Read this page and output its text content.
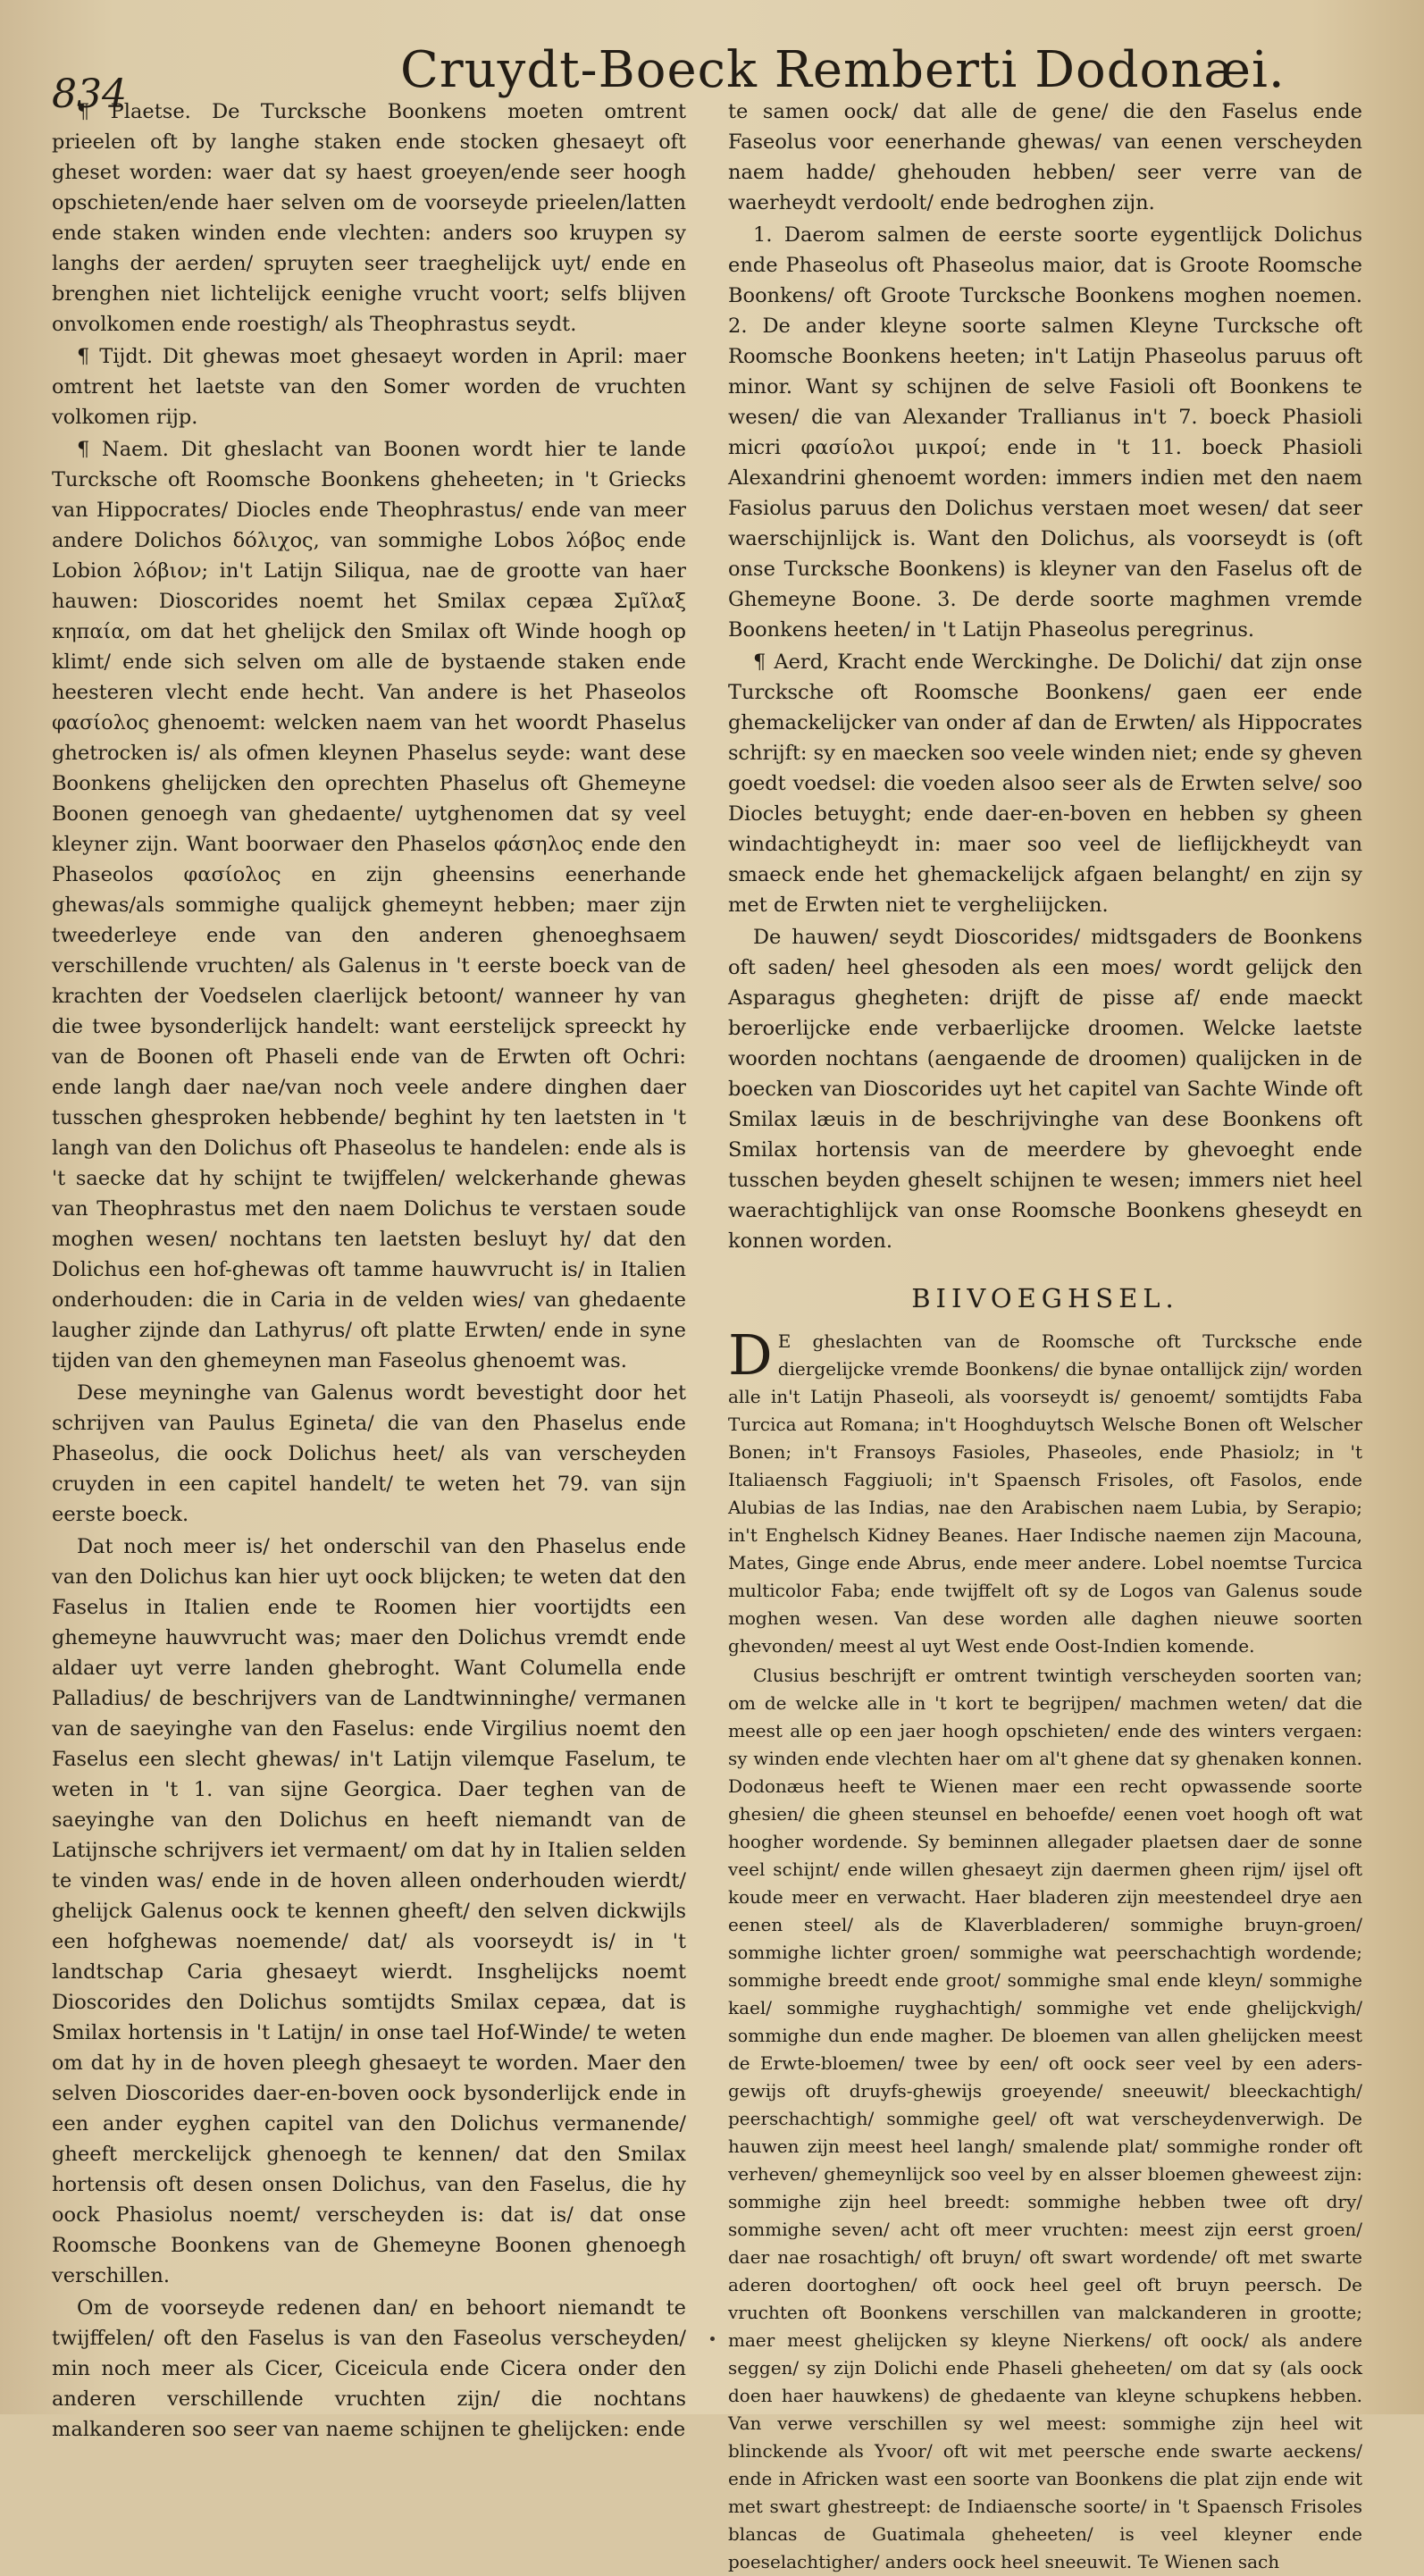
834	Cruydt-Boeck Remberti Dodonæi.

¶ Plaetse. De Turcksche Boonkens moeten omtrent prieelen oft by langhe staken ende stocken ghesaeyt oft gheset worden: waer dat sy haest groeyen/ende seer hoogh opschieten/ende haer selven om de voorseyde prieelen/latten ende staken winden ende vlechten: anders soo kruypen sy langhs der aerden/ spruyten seer traeghelijck uyt/ ende en brenghen niet lichtelijck eenighe vrucht voort; selfs blijven onvolkomen ende roestigh/ als Theophrastus seydt.

¶ Tijdt. Dit ghewas moet ghesaeyt worden in April: maer omtrent het laetste van den Somer worden de vruchten volkomen rijp.

¶ Naem. Dit gheslacht van Boonen wordt hier te lande Turcksche oft Roomsche Boonkens gheheeten; in 't Griecks van Hippocrates/ Diocles ende Theophrastus/ ende van meer andere Dolichos δόλιχος, van sommighe Lobos λόβος ende Lobion λόβιον; in't Latijn Siliqua, nae de grootte van haer hauwen: Dioscorides noemt het Smilax cepæa Σμῖλαξ κηπαία, om dat het ghelijck den Smilax oft Winde hoogh op klimt/ ende sich selven om alle de bystaende staken ende heesteren vlecht ende hecht. Van andere is het Phaseolos φασίολος ghenoemt: welcken naem van het woordt Phaselus ghetrocken is/ als ofmen kleynen Phaselus seyde: want dese Boonkens ghelijcken den oprechten Phaselus oft Ghemeyne Boonen genoegh van ghedaente/ uytghenomen dat sy veel kleyner zijn. Want boorwaer den Phaselos φάσηλος ende den Phaseolos φασίολος en zijn gheensins eenerhande ghewas/als sommighe qualijck ghemeynt hebben; maer zijn tweederleye ende van den anderen ghenoeghsaem verschillende vruchten/ als Galenus in 't eerste boeck van de krachten der Voedselen claerlijck betoont/ wanneer hy van die twee bysonderlijck handelt: want eerstelijck spreeckt hy van de Boonen oft Phaseli ende van de Erwten oft Ochri: ende langh daer nae/van noch veele andere dinghen daer tusschen ghesproken hebbende/ beghint hy ten laetsten in 't langh van den Dolichus oft Phaseolus te handelen: ende als is 't saecke dat hy schijnt te twijffelen/ welckerhande ghewas van Theophrastus met den naem Dolichus te verstaen soude moghen wesen/ nochtans ten laetsten besluyt hy/ dat den Dolichus een hof-ghewas oft tamme hauwvrucht is/ in Italien onderhouden: die in Caria in de velden wies/ van ghedaente laugher zijnde dan Lathyrus/ oft platte Erwten/ ende in syne tijden van den ghemeynen man Faseolus ghenoemt was.

Dese meyninghe van Galenus wordt bevestight door het schrijven van Paulus Egineta/ die van den Phaselus ende Phaseolus, die oock Dolichus heet/ als van verscheyden cruyden in een capitel handelt/ te weten het 79. van sijn eerste boeck.

Dat noch meer is/ het onderschil van den Phaselus ende van den Dolichus kan hier uyt oock blijcken; te weten dat den Faselus in Italien ende te Roomen hier voortijdts een ghemeyne hauwvrucht was; maer den Dolichus vremdt ende aldaer uyt verre landen ghebroght. Want Columella ende Palladius/ de beschrijvers van de Landtwinninghe/ vermanen van de saeyinghe van den Faselus: ende Virgilius noemt den Faselus een slecht ghewas/ in't Latijn vilemque Faselum, te weten in 't 1. van sijne Georgica. Daer teghen van de saeyinghe van den Dolichus en heeft niemandt van de Latijnsche schrijvers iet vermaent/ om dat hy in Italien selden te vinden was/ ende in de hoven alleen onderhouden wierdt/ ghelijck Galenus oock te kennen gheeft/ den selven dickwijls een hofghewas noemende/ dat/ als voorseydt is/ in 't landtschap Caria ghesaeyt wierdt. Insghelijcks noemt Dioscorides den Dolichus somtijdts Smilax cepæa, dat is Smilax hortensis in 't Latijn/ in onse tael Hof-Winde/ te weten om dat hy in de hoven pleegh ghesaeyt te worden. Maer den selven Dioscorides daer-en-boven oock bysonderlijck ende in een ander eyghen capitel van den Dolichus vermanende/ gheeft merckelijck ghenoegh te kennen/ dat den Smilax hortensis oft desen onsen Dolichus, van den Faselus, die hy oock Phasiolus noemt/ verscheyden is: dat is/ dat onse Roomsche Boonkens van de Ghemeyne Boonen ghenoegh verschillen.

Om de voorseyde redenen dan/ en behoort niemandt te twijffelen/ oft den Faselus is van den Faseolus verscheyden/ min noch meer als Cicer, Ciceicula ende Cicera onder den anderen verschillende vruchten zijn/ die nochtans malkanderen soo seer van naeme schijnen te ghelijcken: ende

te samen oock/ dat alle de gene/ die den Faselus ende Faseolus voor eenerhande ghewas/ van eenen verscheyden naem hadde/ ghehouden hebben/ seer verre van de waerheydt verdoolt/ ende bedroghen zijn.

1. Daerom salmen de eerste soorte eygentlijck Dolichus ende Phaseolus oft Phaseolus maior, dat is Groote Roomsche Boonkens/ oft Groote Turcksche Boonkens moghen noemen. 2. De ander kleyne soorte salmen Kleyne Turcksche oft Roomsche Boonkens heeten; in't Latijn Phaseolus paruus oft minor. Want sy schijnen de selve Fasioli oft Boonkens te wesen/ die van Alexander Trallianus in't 7. boeck Phasioli micri φασίολοι μικροί; ende in 't 11. boeck Phasioli Alexandrini ghenoemt worden: immers indien met den naem Fasiolus paruus den Dolichus verstaen moet wesen/ dat seer waerschijnlijck is. Want den Dolichus, als voorseydt is (oft onse Turcksche Boonkens) is kleyner van den Faselus oft de Ghemeyne Boone. 3. De derde soorte maghmen vremde Boonkens heeten/ in 't Latijn Phaseolus peregrinus.

¶ Aerd, Kracht ende Werckinghe. De Dolichi/ dat zijn onse Turcksche oft Roomsche Boonkens/ gaen eer ende ghemackelijcker van onder af dan de Erwten/ als Hippocrates schrijft: sy en maecken soo veele winden niet; ende sy gheven goedt voedsel: die voeden alsoo seer als de Erwten selve/ soo Diocles betuyght; ende daer-en-boven en hebben sy gheen windachtigheydt in: maer soo veel de lieflijckheydt van smaeck ende het ghemackelijck afgaen belanght/ en zijn sy met de Erwten niet te vergheliijcken.

De hauwen/ seydt Dioscorides/ midtsgaders de Boonkens oft saden/ heel ghesoden als een moes/ wordt gelijck den Asparagus ghegheten: drijft de pisse af/ ende maeckt beroerlijcke ende verbaerlijcke droomen. Welcke laetste woorden nochtans (aengaende de droomen) qualijcken in de boecken van Dioscorides uyt het capitel van Sachte Winde oft Smilax læuis in de beschrijvinghe van dese Boonkens oft Smilax hortensis van de meerdere by ghevoeght ende tusschen beyden gheselt schijnen te wesen; immers niet heel waerachtighlijck van onse Roomsche Boonkens gheseydt en konnen worden.

BIIVOEGHSEL.

D E gheslachten van de Roomsche oft Turcksche ende diergelijcke vremde Boonkens/ die bynae ontallijck zijn/ worden alle in't Latijn Phaseoli, als voorseydt is/ genoemt/ somtijdts Faba Turcica aut Romana; in't Hooghduytsch Welsche Bonen oft Welscher Bonen; in't Fransoys Fasioles, Phaseoles, ende Phasiolz; in 't Italiaensch Faggiuoli; in't Spaensch Frisoles, oft Fasolos, ende Alubias de las Indias, nae den Arabischen naem Lubia, by Serapio; in't Enghelsch Kidney Beanes. Haer Indische naemen zijn Macouna, Mates, Ginge ende Abrus, ende meer andere. Lobel noemtse Turcica multicolor Faba; ende twijffelt oft sy de Logos van Galenus soude moghen wesen. Van dese worden alle daghen nieuwe soorten ghevonden/ meest al uyt West ende Oost-Indien komende.

Clusius beschrijft er omtrent twintigh verscheyden soorten van; om de welcke alle in 't kort te begrijpen/ machmen weten/ dat die meest alle op een jaer hoogh opschieten/ ende des winters vergaen: sy winden ende vlechten haer om al't ghene dat sy ghenaken konnen. Dodonæus heeft te Wienen maer een recht opwassende soorte ghesien/ die gheen steunsel en behoefde/ eenen voet hoogh oft wat hoogher wordende. Sy beminnen allegader plaetsen daer de sonne veel schijnt/ ende willen ghesaeyt zijn daermen gheen rijm/ ijsel oft koude meer en verwacht. Haer bladeren zijn meestendeel drye aen eenen steel/ als de Klaverbladeren/ sommighe bruyn-groen/ sommighe lichter groen/ sommighe wat peerschachtigh wordende; sommighe breedt ende groot/ sommighe smal ende kleyn/ sommighe kael/ sommighe ruyghachtigh/ sommighe vet ende ghelijckvigh/ sommighe dun ende magher. De bloemen van allen ghelijcken meest de Erwte-bloemen/ twee by een/ oft oock seer veel by een aders-gewijs oft druyfs-ghewijs groeyende/ sneeuwit/ bleeckachtigh/ peerschachtigh/ sommighe geel/ oft wat verscheydenverwigh. De hauwen zijn meest heel langh/ smalende plat/ sommighe ronder oft verheven/ ghemeynlijck soo veel by en alsser bloemen gheweest zijn: sommighe zijn heel breedt: sommighe hebben twee oft dry/ sommighe seven/ acht oft meer vruchten: meest zijn eerst groen/ daer nae rosachtigh/ oft bruyn/ oft swart wordende/ oft met swarte aderen doortoghen/ oft oock heel geel oft bruyn peersch. De vruchten oft Boonkens verschillen van malckanderen in grootte; maer meest ghelijcken sy kleyne Nierkens/ oft oock/ als andere seggen/ sy zijn Dolichi ende Phaseli gheheeten/ om dat sy (als oock doen haer hauwkens) de ghedaente van kleyne schupkens hebben. Van verwe verschillen sy wel meest: sommighe zijn heel wit blinckende als Yvoor/ oft wit met peersche ende swarte aeckens/ ende in Africken wast een soorte van Boonkens die plat zijn ende wit met swart ghestreept: de Indiaensche soorte/ in 't Spaensch Frisoles blancas de Guatimala gheheeten/ is veel kleyner ende poeselachtigher/ anders oock heel sneeuwit. Te Wienen sach
